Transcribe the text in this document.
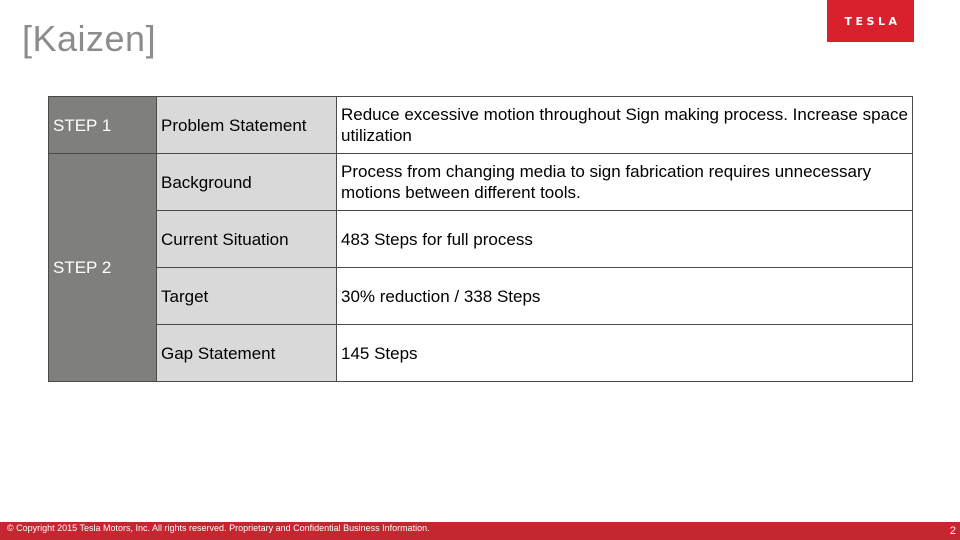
[Kaizen]	TESLA
STEP 1	Problem Statement	Reduce excessive motion throughout Sign making process. Increase space utilization
STEP 2	Background	Process from changing media to sign fabrication requires unnecessary motions between different tools.
	Current Situation	483 Steps for full process
	Target	30% reduction / 338 Steps
	Gap Statement	145 Steps
© Copyright 2015 Tesla Motors, Inc. All rights reserved. Proprietary and Confidential Business Information.	2
